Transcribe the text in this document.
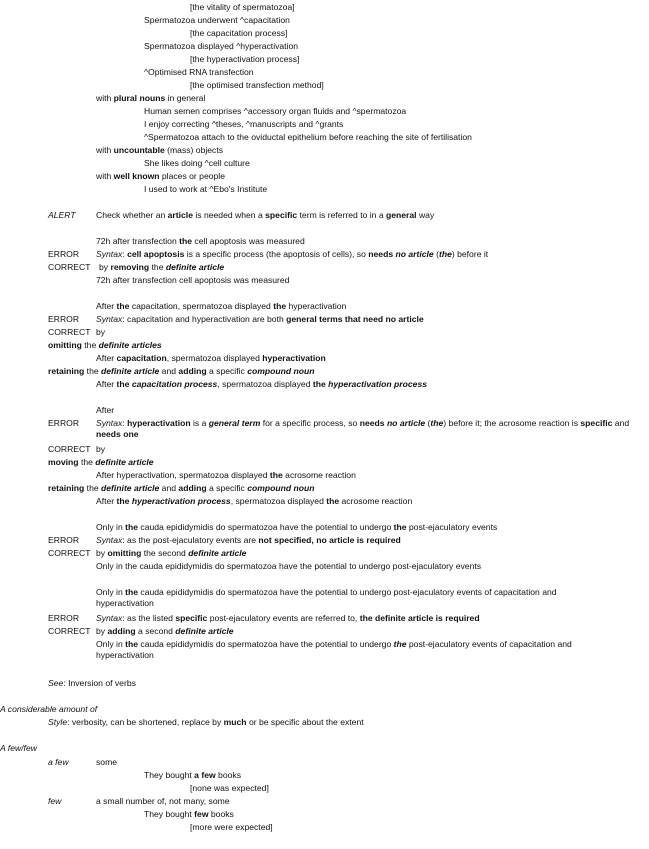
[the vitality of spermatozoa]
Spermatozoa underwent ^capacitation
[the capacitation process]
Spermatozoa displayed ^hyperactivation
[the hyperactivation process]
^Optimised RNA transfection
[the optimised transfection method]
with plural nouns in general
Human semen comprises ^accessory organ fluids and ^spermatozoa
I enjoy correcting ^theses, ^manuscripts and ^grants
^Spermatozoa attach to the oviductal epithelium before reaching the site of fertilisation
with uncountable (mass) objects
She likes doing ^cell culture
with well known places or people
I used to work at ^Ebo's Institute
ALERT Check whether an article is needed when a specific term is referred to in a general way
72h after transfection the cell apoptosis was measured
ERROR Syntax: cell apoptosis is a specific process (the apoptosis of cells), so needs no article (the) before it
CORRECT by removing the definite article
72h after transfection cell apoptosis was measured
After the capacitation, spermatozoa displayed the hyperactivation
ERROR Syntax: capacitation and hyperactivation are both general terms that need no article
CORRECT by
omitting the definite articles
After capacitation, spermatozoa displayed hyperactivation
retaining the definite article and adding a specific compound noun
After the capacitation process, spermatozoa displayed the hyperactivation process
After
ERROR Syntax: hyperactivation is a general term for a specific process, so needs no article (the) before it; the acrosome reaction is specific and needs one
CORRECT by
moving the definite article
After hyperactivation, spermatozoa displayed the acrosome reaction
retaining the definite article and adding a specific compound noun
After the hyperactivation process, spermatozoa displayed the acrosome reaction
Only in the cauda epididymidis do spermatozoa have the potential to undergo the post-ejaculatory events
ERROR Syntax: as the post-ejaculatory events are not specified, no article is required
CORRECT by omitting the second definite article
Only in the cauda epididymidis do spermatozoa have the potential to undergo post-ejaculatory events
Only in the cauda epididymidis do spermatozoa have the potential to undergo post-ejaculatory events of capacitation and hyperactivation
ERROR Syntax: as the listed specific post-ejaculatory events are referred to, the definite article is required
CORRECT by adding a second definite article
Only in the cauda epididymidis do spermatozoa have the potential to undergo the post-ejaculatory events of capacitation and hyperactivation
See: Inversion of verbs
A considerable amount of
Style: verbosity, can be shortened, replace by much or be specific about the extent
A few/few
a few	some
They bought a few books
[none was expected]
few	a small number of, not many, some
They bought few books
[more were expected]
